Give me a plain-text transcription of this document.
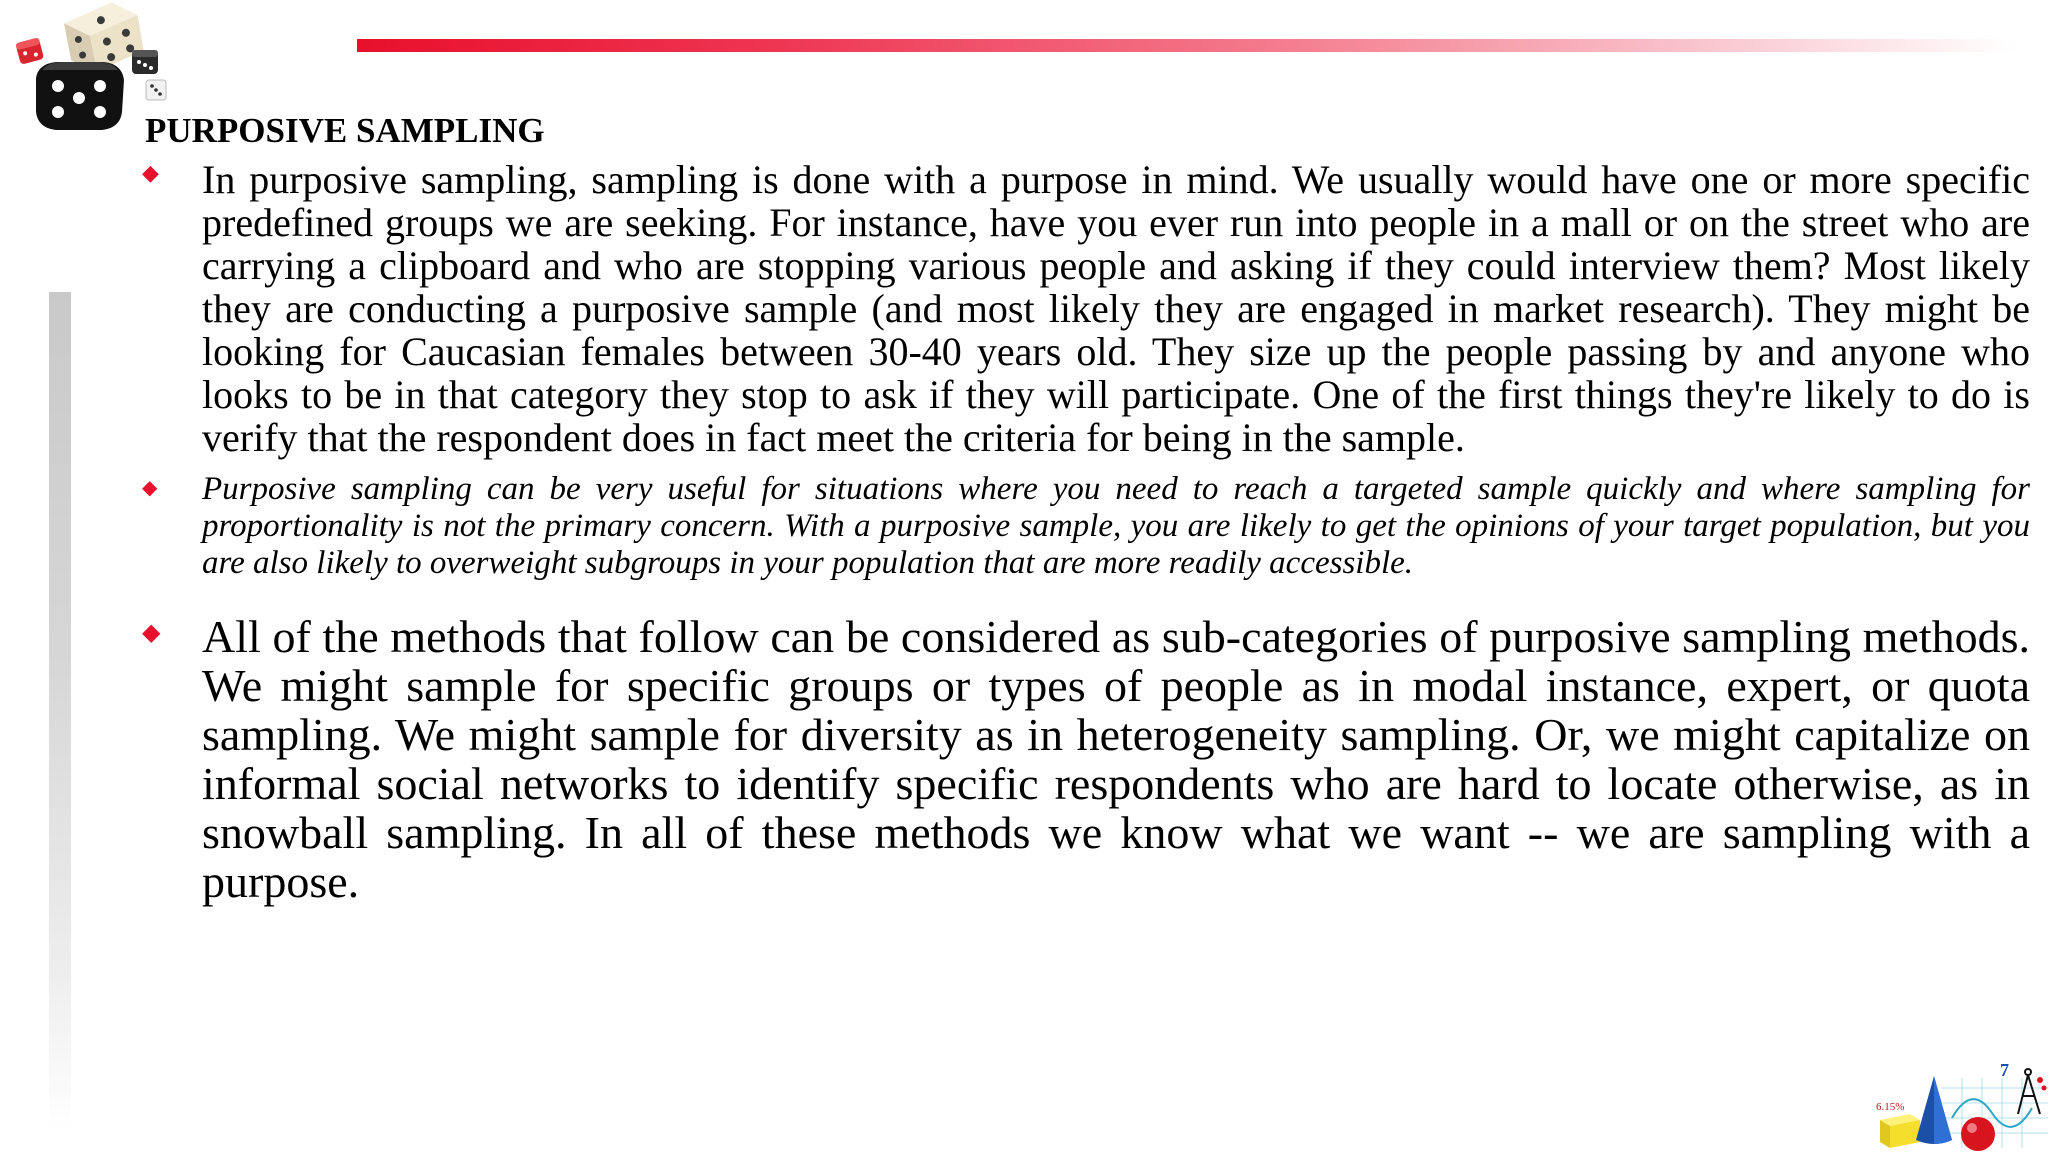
PURPOSIVE SAMPLING
◆ In purposive sampling, sampling is done with a purpose in mind. We usually would have one or more specific predefined groups we are seeking. For instance, have you ever run into people in a mall or on the street who are carrying a clipboard and who are stopping various people and asking if they could interview them? Most likely they are conducting a purposive sample (and most likely they are engaged in market research). They might be looking for Caucasian females between 30-40 years old. They size up the people passing by and anyone who looks to be in that category they stop to ask if they will participate. One of the first things they're likely to do is verify that the respondent does in fact meet the criteria for being in the sample.

◆ Purposive sampling can be very useful for situations where you need to reach a targeted sample quickly and where sampling for proportionality is not the primary concern. With a purposive sample, you are likely to get the opinions of your target population, but you are also likely to overweight subgroups in your population that are more readily accessible.

◆ All of the methods that follow can be considered as sub-categories of purposive sampling methods. We might sample for specific groups or types of people as in modal instance, expert, or quota sampling. We might sample for diversity as in heterogeneity sampling. Or, we might capitalize on informal social networks to identify specific respondents who are hard to locate otherwise, as in snowball sampling. In all of these methods we know what we want -- we are sampling with a purpose.

6.15%
7
